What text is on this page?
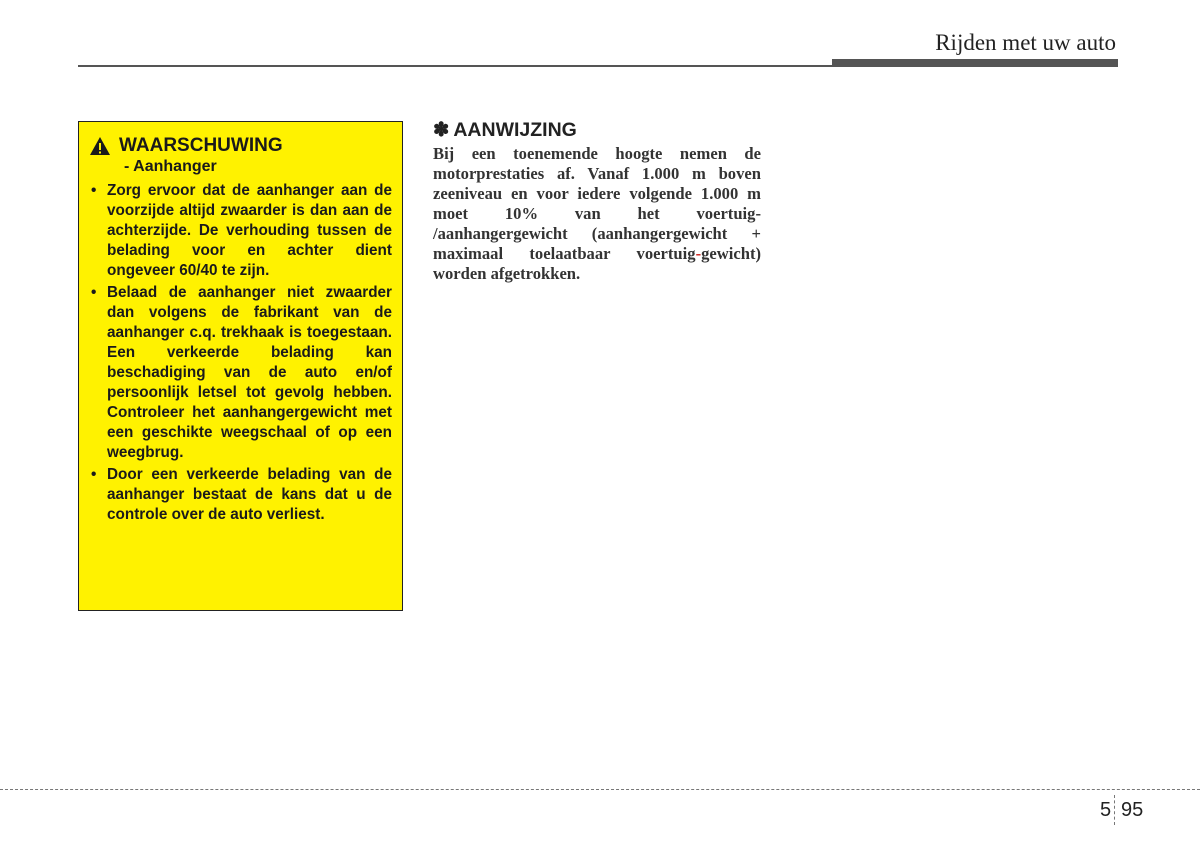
Rijden met uw auto
WAARSCHUWING
- Aanhanger
• Zorg ervoor dat de aanhanger aan de voorzijde altijd zwaarder is dan aan de achterzijde. De verhouding tussen de belading voor en achter dient ongeveer 60/40 te zijn.
• Belaad de aanhanger niet zwaarder dan volgens de fabrikant van de aanhanger c.q. trekhaak is toegestaan. Een verkeerde belading kan beschadiging van de auto en/of persoonlijk letsel tot gevolg hebben. Controleer het aanhangergewicht met een geschikte weegschaal of op een weegbrug.
• Door een verkeerde belading van de aanhanger bestaat de kans dat u de controle over de auto verliest.
✽ AANWIJZING
Bij een toenemende hoogte nemen de motorprestaties af. Vanaf 1.000 m boven zeeniveau en voor iedere volgende 1.000 m moet 10% van het voertuig- /aanhangergewicht (aanhangergewicht + maximaal toelaatbaar voertuig-gewicht) worden afgetrokken.
5 95
